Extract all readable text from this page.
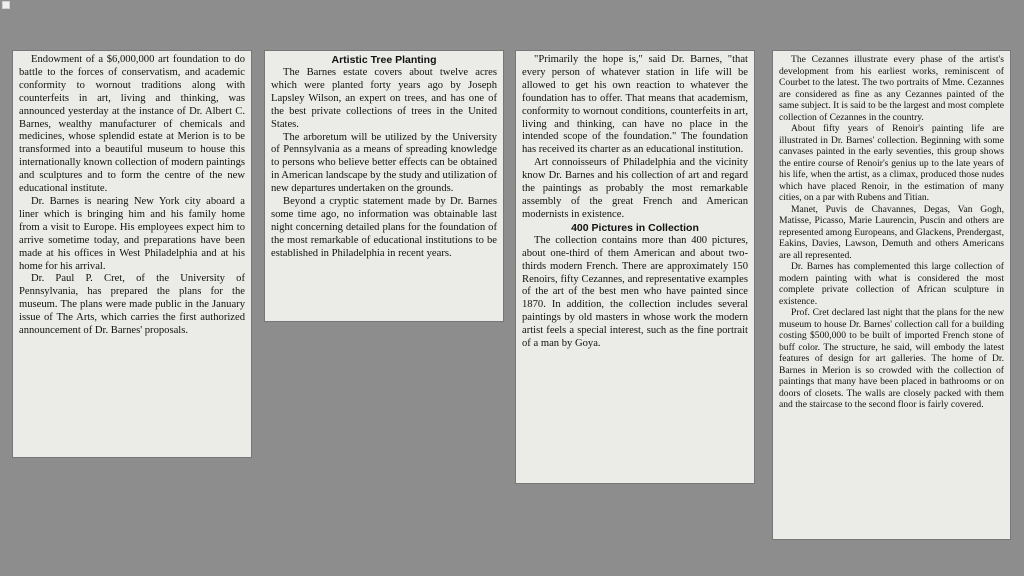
Endowment of a $6,000,000 art foundation to do battle to the forces of conservatism, and academic conformity to wornout traditions along with counterfeits in art, living and thinking, was announced yesterday at the instance of Dr. Albert C. Barnes, wealthy manufacturer of chemicals and medicines, whose splendid estate at Merion is to be transformed into a beautiful museum to house this internationally known collection of modern paintings and sculptures and to form the centre of the new educational institute.

Dr. Barnes is nearing New York city aboard a liner which is bringing him and his family home from a visit to Europe. His employees expect him to arrive sometime today, and preparations have been made at his offices in West Philadelphia and at his home for his arrival.

Dr. Paul P. Cret, of the University of Pennsylvania, has prepared the plans for the museum. The plans were made public in the January issue of The Arts, which carries the first authorized announcement of Dr. Barnes' proposals.

Artistic Tree Planting

The Barnes estate covers about twelve acres which were planted forty years ago by Joseph Lapsley Wilson, an expert on trees, and has one of the best private collections of trees in the United States.

The arboretum will be utilized by the University of Pennsylvania as a means of spreading knowledge to persons who believe better effects can be obtained in American landscape by the study and utilization of new departures undertaken on the grounds.

Beyond a cryptic statement made by Dr. Barnes some time ago, no information was obtainable last night concerning detailed plans for the foundation of the most remarkable of educational institutions to be established in Philadelphia in recent years.

"Primarily the hope is," said Dr. Barnes, "that every person of whatever station in life will be allowed to get his own reaction to whatever the foundation has to offer. That means that academism, conformity to wornout conditions, counterfeits in art, living and thinking, can have no place in the intended scope of the foundation." The foundation has received its charter as an educational institution.

Art connoisseurs of Philadelphia and the vicinity know Dr. Barnes and his collection of art and regard the paintings as probably the most remarkable assembly of the great French and American modernists in existence.

400 Pictures in Collection

The collection contains more than 400 pictures, about one-third of them American and about two-thirds modern French. There are approximately 150 Renoirs, fifty Cezannes, and representative examples of the art of the best men who have painted since 1870. In addition, the collection includes several paintings by old masters in whose work the modern artist feels a special interest, such as the fine portrait of a man by Goya.

The Cezannes illustrate every phase of the artist's development from his earliest works, reminiscent of Courbet to the latest. The two portraits of Mme. Cezannes are considered as fine as any Cezannes painted of the same subject. It is said to be the largest and most complete collection of Cezannes in the country.

About fifty years of Renoir's painting life are illustrated in Dr. Barnes' collection. Beginning with some canvases painted in the early seventies, this group shows the entire course of Renoir's genius up to the late years of his life, when the artist, as a climax, produced those nudes which have placed Renoir, in the estimation of many cities, on a par with Rubens and Titian.

Manet, Puvis de Chavannes, Degas, Van Gogh, Matisse, Picasso, Marie Laurencin, Puscin and others are represented among Europeans, and Glackens, Prendergast, Eakins, Davies, Lawson, Demuth and others Americans are all represented.

Dr. Barnes has complemented this large collection of modern painting with what is considered the most complete private collection of African sculpture in existence.

Prof. Cret declared last night that the plans for the new museum to house Dr. Barnes' collection call for a building costing $500,000 to be built of imported French stone of buff color. The structure, he said, will embody the latest features of design for art galleries. The home of Dr. Barnes in Merion is so crowded with the collection of paintings that many have been placed in bathrooms or on doors of closets. The walls are closely packed with them and the staircase to the second floor is fairly covered.
